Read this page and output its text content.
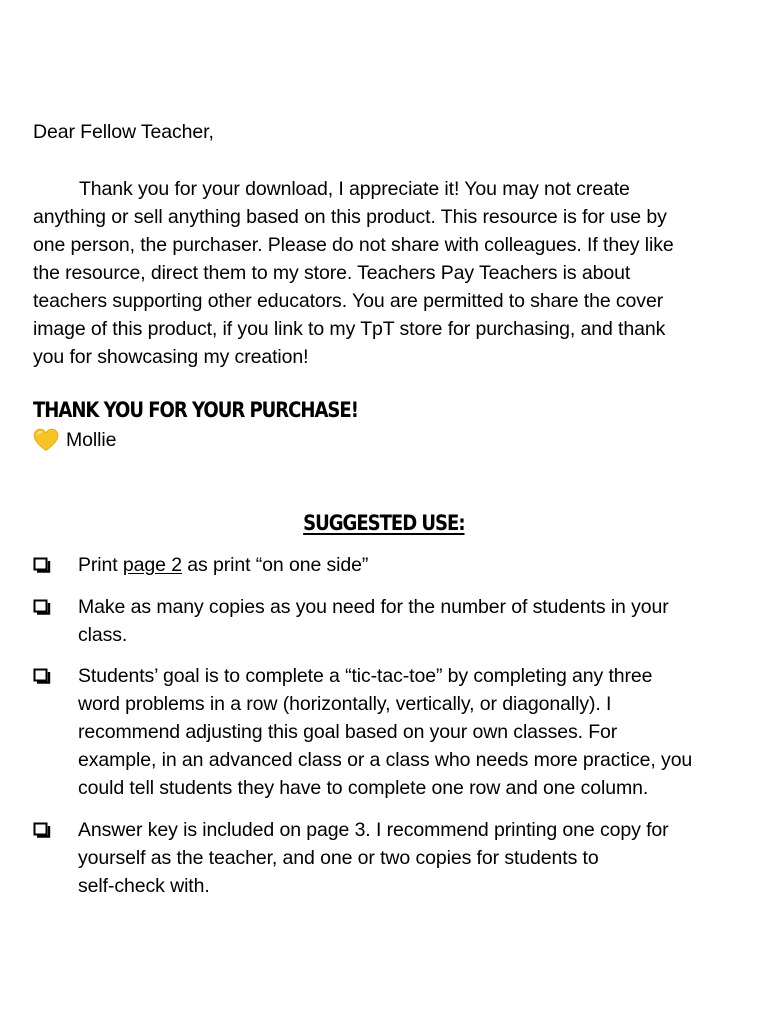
Dear Fellow Teacher,
Thank you for your download, I appreciate it! You may not create
anything or sell anything based on this product. This resource is for use by
one person, the purchaser. Please do not share with colleagues. If they like
the resource, direct them to my store. Teachers Pay Teachers is about
teachers supporting other educators. You are permitted to share the cover
image of this product, if you link to my TpT store for purchasing, and thank
you for showcasing my creation!
THANK YOU FOR YOUR PURCHASE!
Mollie
SUGGESTED USE:
Print page 2 as print “on one side”
Make as many copies as you need for the number of students in your
class.
Students’ goal is to complete a “tic-tac-toe” by completing any three
word problems in a row (horizontally, vertically, or diagonally). I
recommend adjusting this goal based on your own classes. For
example, in an advanced class or a class who needs more practice, you
could tell students they have to complete one row and one column.
Answer key is included on page 3. I recommend printing one copy for
yourself as the teacher, and one or two copies for students to
self-check with.
